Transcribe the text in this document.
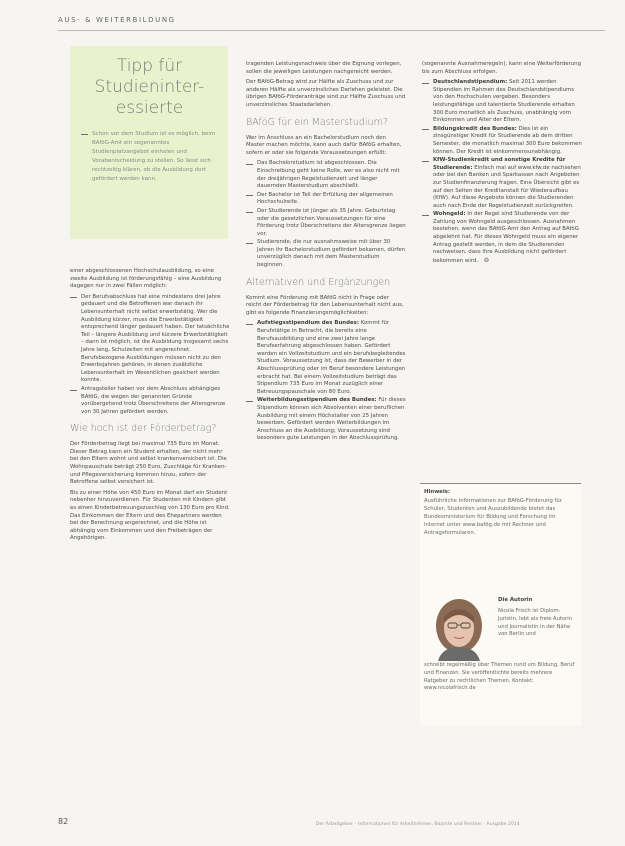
AUS- & WEITERBILDUNG
Tipp für
Studieninter-
essierte
Schon vor dem Studium ist es möglich, beim BAföG-Amt ein sogenanntes Studienplatzangebot einholen und Vorabentscheidung zu stellen. So lässt sich rechtzeitig klären, ob die Ausbildung dort gefördert werden kann.

einer abgeschlossenen Hochschulausbildung, so eine zweite Ausbildung ist förderungsfähig – eine Ausbildung dagegen nur in zwei Fällen möglich:

Der Berufsabschluss hat eine mindestens drei Jahre gedauert und die Betroffenen war danach ihr Lebensunterhalt nicht selbst erwerbstätig. Wer die Ausbildung kürzer, muss die Erwerbstätigkeit entsprechend länger gedauert haben. Der tatsächliche Teil – längere Ausbildung und kürzere Erwerbstätigkeit – dann ist möglich, ist die Ausbildung insgesamt sechs Jahre lang, Schulzeiten mit angerechnet. Berufsbezogene Ausbildungen müssen nicht zu den Erwerbsjahren gehören, in denen zusätzliche Lebensunterhalt im Wesentlichen gesichert werden konnte.
Antragsteller haben vor dem Abschluss abhängiges BAföG, die wegen der genannten Gründe vorübergehend trotz Überschreitens der Altersgrenze von 30 Jahren gefördert werden.
Wie hoch ist der Förderbetrag?

Der Förderbetrag liegt bei maximal 735 Euro im Monat. Dieser Betrag kann ein Student erhalten, der nicht mehr bei den Eltern wohnt und selbst krankenversichert ist. Die Wohnpauschale beträgt 250 Euro, Zuschläge für Kranken- und Pflegeversicherung kommen hinzu, sofern der Betroffene selbst versichert ist.

Bis zu einer Höhe von 450 Euro im Monat darf ein Student nebenher hinzuverdienen. Für Studenten mit Kindern gibt es einen Kinderbetreuungszuschlag von 130 Euro pro Kind. Das Einkommen der Eltern und des Ehepartners werden bei der Berechnung angerechnet, und die Höhe ist abhängig vom Einkommen und den Freibeträgen der Angehörigen.

tragenden Leistungsnachweis über die Eignung vorlegen, sollen die jeweiligen Leistungen nachgereicht werden.

Der BAföG-Betrag wird zur Hälfte als Zuschuss und zur anderen Hälfte als unverzinsliches Darlehen geleistet. Die übrigen BAföG-Förderanträge sind zur Hälfte Zuschuss und unverzinsliches Staatsdarlehen.

BAföG für ein Masterstudium?

Wer im Anschluss an ein Bachelorstudium noch den Master machen möchte, kann auch dafür BAföG erhalten, sofern er oder sie folgende Voraussetzungen erfüllt:

Das Bachelorstudium ist abgeschlossen. Die Einschreibung geht keine Rolle, wer es also nicht mit der dreijährigen Regelstudienzeit und länger dauernden Masterstudium abschließt.
Der Bachelor ist Teil der Erfüllung der allgemeinen Hochschulreife.
Der Studierende ist jünger als 35 Jahre. Geburtstag oder die gesetzlichen Voraussetzungen für eine Förderung trotz Überschreitens der Altersgrenze liegen vor.
Studierende, die nur ausnahmsweise mit über 30 Jahren ihr Bachelorstudium gefördert bekamen, dürfen unverzüglich danach mit dem Masterstudium beginnen.
Alternativen und Ergänzungen

Kommt eine Förderung mit BAföG nicht in Frage oder reicht der Förderbetrag für den Lebensunterhalt nicht aus, gibt es folgende Finanzierungsmöglichkeiten:

Aufstiegsstipendium des Bundes: Kommt für Berufstätige in Betracht, die bereits eine Berufsausbildung und eine zwei Jahre lange Berufserfahrung abgeschlossen haben. Gefördert werden ein Vollzeitstudium und ein berufsbegleitendes Studium. Voraussetzung ist, dass der Bewerber in der Abschlussprüfung oder im Beruf besondere Leistungen erbracht hat. Bei einem Vollzeitstudium beträgt das Stipendium 735 Euro im Monat zuzüglich einer Betreuungspauschale von 80 Euro.
Weiterbildungsstipendium des Bundes: Für dieses Stipendium können sich Absolventen einer beruflichen Ausbildung mit einem Höchstalter von 25 Jahren bewerben. Gefördert werden Weiterbildungen im Anschluss an die Ausbildung; Voraussetzung sind besonders gute Leistungen in der Abschlussprüfung.

(sogenannte Ausnahmeregeln), kann eine Weiterförderung bis zum Abschluss erfolgen.

Deutschlandstipendium: Seit 2011 werden Stipendien im Rahmen des Deutschlandstipendiums von den Hochschulen vergeben. Besonders leistungsfähige und talentierte Studierende erhalten 300 Euro monatlich als Zuschuss, unabhängig vom Einkommen und Alter der Eltern.
Bildungskredit des Bundes: Dies ist ein zinsgünstiger Kredit für Studierende ab dem dritten Semester, die monatlich maximal 300 Euro bekommen können. Der Kredit ist einkommensunabhängig.
KfW-Studienkredit und sonstige Kredite für Studierende: Einfach mal auf www.kfw.de nachsehen oder bei den Banken und Sparkassen nach Angeboten zur Studienfinanzierung fragen. Eine Übersicht gibt es auf den Seiten der Kreditanstalt für Wiederaufbau (KfW). Auf diese Angebote können die Studierenden auch nach Ende der Regelstudienzeit zurückgreifen.
Wohngeld: In der Regel sind Studierende von der Zahlung von Wohngeld ausgeschlossen. Ausnahmen bestehen, wenn das BAföG-Amt den Antrag auf BAföG abgelehnt hat. Für dieses Wohngeld muss ein eigener Antrag gestellt werden, in dem die Studierenden nachweisen, dass ihre Ausbildung nicht gefördert bekommen wird. ❂
Hinweis:
Ausführliche Informationen zur BAföG-Förderung für Schüler, Studenten und Auszubildende bietet das Bundesministerium für Bildung und Forschung im Internet unter www.bafög.de mit Rechner und Antragsformularen.
Die Autorin
Nicola Frisch ist Diplom-Juristin, lebt als freie Autorin und Journalistin in der Nähe von Berlin und
schreibt regelmäßig über Themen rund um Bildung, Beruf und Finanzen. Sie veröffentlichte bereits mehrere Ratgeber zu rechtlichen Themen, Kontakt: www.nicolafrisch.de
82	Der Arbeitgeber – Informationen für Arbeitnehmer, Beamte und Rentner · Ausgabe 2014
